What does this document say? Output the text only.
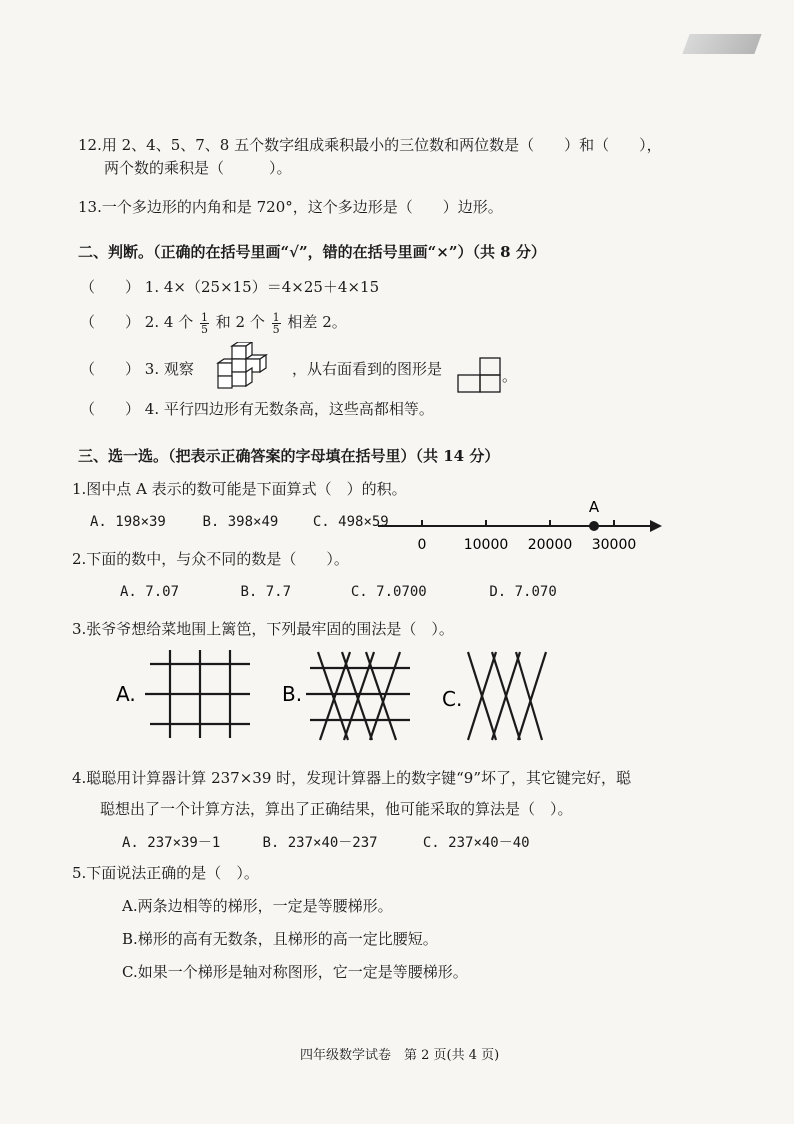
12.用 2、4、5、7、8 五个数字组成乘积最小的三位数和两位数是（　　）和（　　），
两个数的乘积是（　　　）。
13.一个多边形的内角和是 720°，这个多边形是（　　）边形。
二、判断。（正确的在括号里画“√”，错的在括号里画“×”）（共 8 分）
（　　） 1. 4×（25×15）＝4×25＋4×15
（　　） 2. 4 个 $\frac{1}{5}$ 和 2 个 $\frac{1}{5}$ 相差 2。
（　　） 3. 观察	，从右面看到的图形是	。
（　　） 4. 平行四边形有无数条高，这些高都相等。
三、选一选。（把表示正确答案的字母填在括号里）（共 14 分）
1.图中点 A 表示的数可能是下面算式（　）的积。
A. 198×39	B. 398×49 C. 498×59
A
0	10000 20000 30000
2.下面的数中，与众不同的数是（　　）。
A. 7.07	B. 7.7	C. 7.0700	D. 7.070
3.张爷爷想给菜地围上篱笆，下列最牢固的围法是（　）。
A.	B.	C.
4.聪聪用计算器计算 237×39 时，发现计算器上的数字键“9”坏了，其它键完好，聪
聪想出了一个计算方法，算出了正确结果，他可能采取的算法是（　）。
A. 237×39－1	B. 237×40－237	C. 237×40－40
5.下面说法正确的是（　）。
A.两条边相等的梯形，一定是等腰梯形。
B.梯形的高有无数条，且梯形的高一定比腰短。
C.如果一个梯形是轴对称图形，它一定是等腰梯形。
四年级数学试卷　第 2 页(共 4 页)
